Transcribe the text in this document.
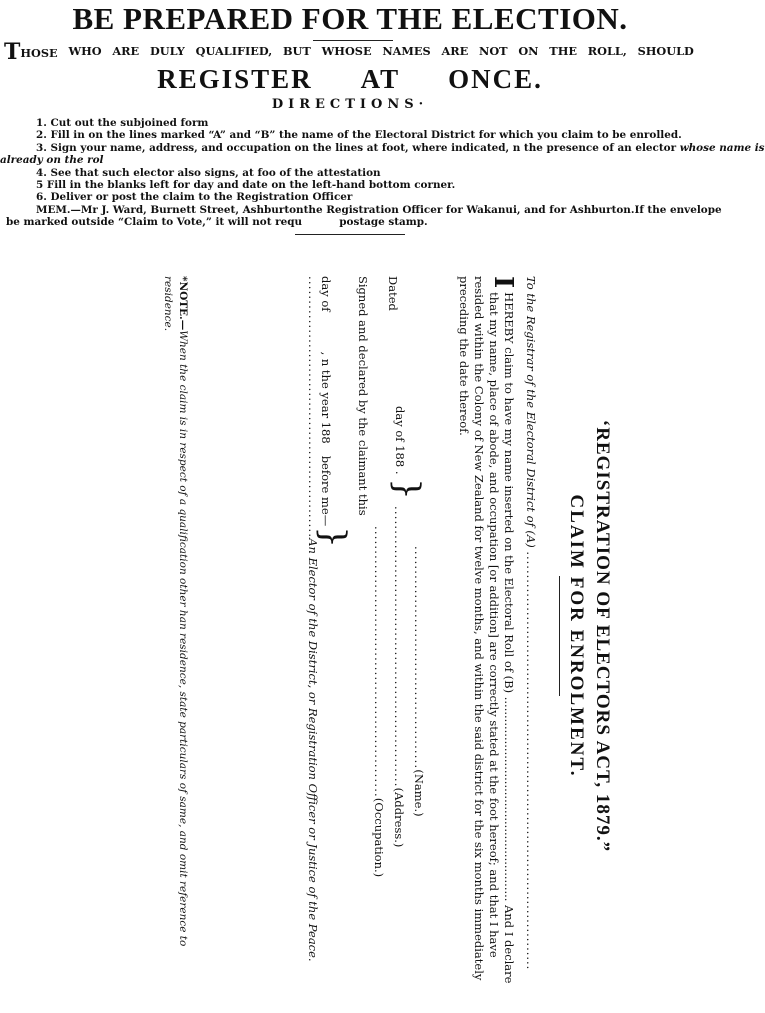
BE PREPARED FOR THE ELECTION.
THOSE WHO ARE DULY QUALIFIED, BUT WHOSE NAMES ARE NOT ON THE ROLL, SHOULD
REGISTER AT ONCE.
DIRECTIONS·
1. Cut out the subjoined form
2. Fill in on the lines marked “A” and “B” the name of the Electoral District for which you claim to be enrolled.
3. Sign your name, address, and occupation on the lines at foot, where indicated, n the presence of an elector whose name is
already on the rol
4. See that such elector also signs, at foo of the attestation
5 Fill in the blanks left for day and date on the left-hand bottom corner.
6. Deliver or post the claim to the Registration Officer
MEM.—Mr J. Ward, Burnett Street, Ashburton the Registration Officer for Wakanui, and for Ashburton. If the envelope
be marked outside “Claim to Vote,” it will not requ	postage stamp.
‘REGISTRATION OF ELECTORS ACT, 1879.”
CLAIM FOR ENROLMENT.
To the Registrar of the Electoral District of (A) ..........................................................................................
I
HEREBY claim to have my name inserted on the Electoral Roll of (B) ........................................................ And I declare that my name, place of abode, and occupation [or addition] are correctly stated at the foot hereof; and that I have resided within the Colony of New Zealand for twelve months, and within the said district for the six months immediately preceding the date thereof.
Dated
Signed and declared by the claimant this
day of, n the year 188before me—}
......................................................An Elector of the District, or Registration Officer or Justice of the Peace.
day of 188 . }
..............................................(Name.)
..........................................................(Address.)
........................................................(Occupation.)
*NOTE.—When the claim is in respect of a qualification other han residence, state particulars of same, and omit reference to residence.
